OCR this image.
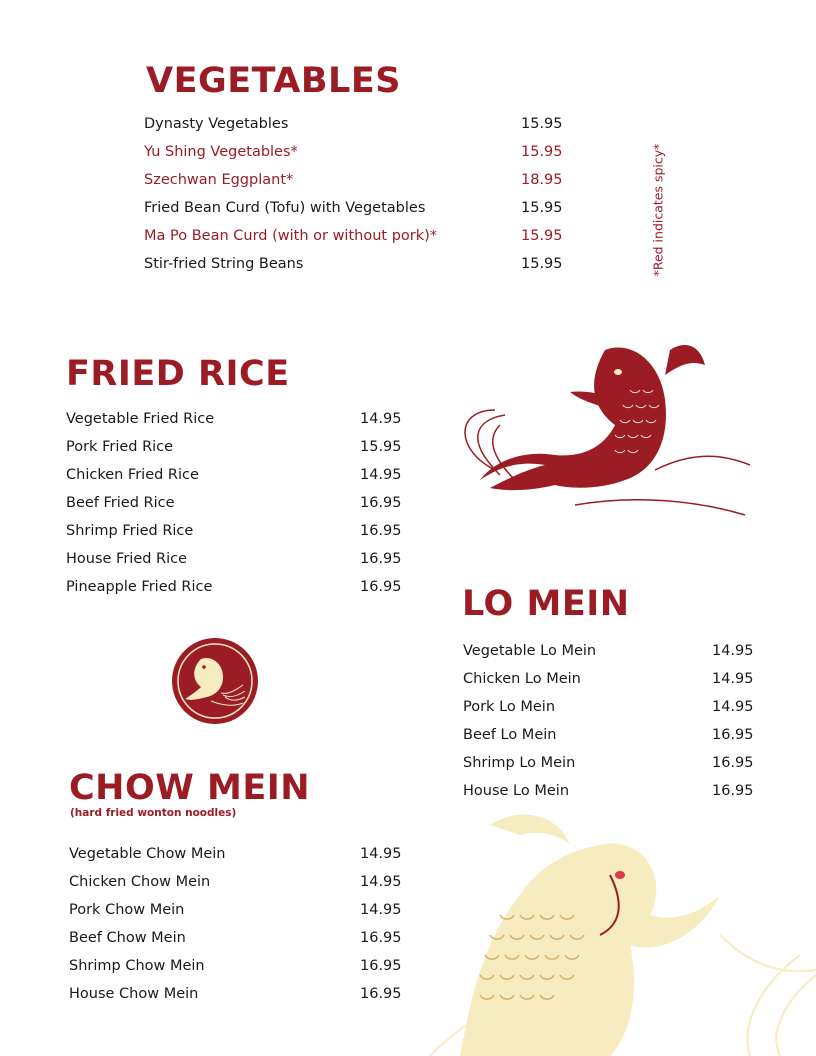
VEGETABLES
Dynasty Vegetables	15.95
Yu Shing Vegetables*	15.95
Szechwan Eggplant*	18.95
Fried Bean Curd (Tofu) with Vegetables	15.95
Ma Po Bean Curd (with or without pork)*	15.95
Stir-fried String Beans	15.95	*Red indicates spicy*
FRIED RICE
Vegetable Fried Rice	14.95
Pork Fried Rice	15.95
Chicken Fried Rice	14.95
Beef Fried Rice	16.95
Shrimp Fried Rice	16.95
House Fried Rice	16.95
Pineapple Fried Rice	16.95 LO MEIN
Vegetable Lo Mein	14.95
Chicken Lo Mein	14.95
Pork Lo Mein	14.95
Beef Lo Mein	16.95
Shrimp Lo Mein	16.95
House Lo Mein	16.95
CHOW MEIN
(hard fried wonton noodles)
Vegetable Chow Mein	14.95
Chicken Chow Mein	14.95
Pork Chow Mein	14.95
Beef Chow Mein	16.95
Shrimp Chow Mein	16.95
House Chow Mein	16.95
